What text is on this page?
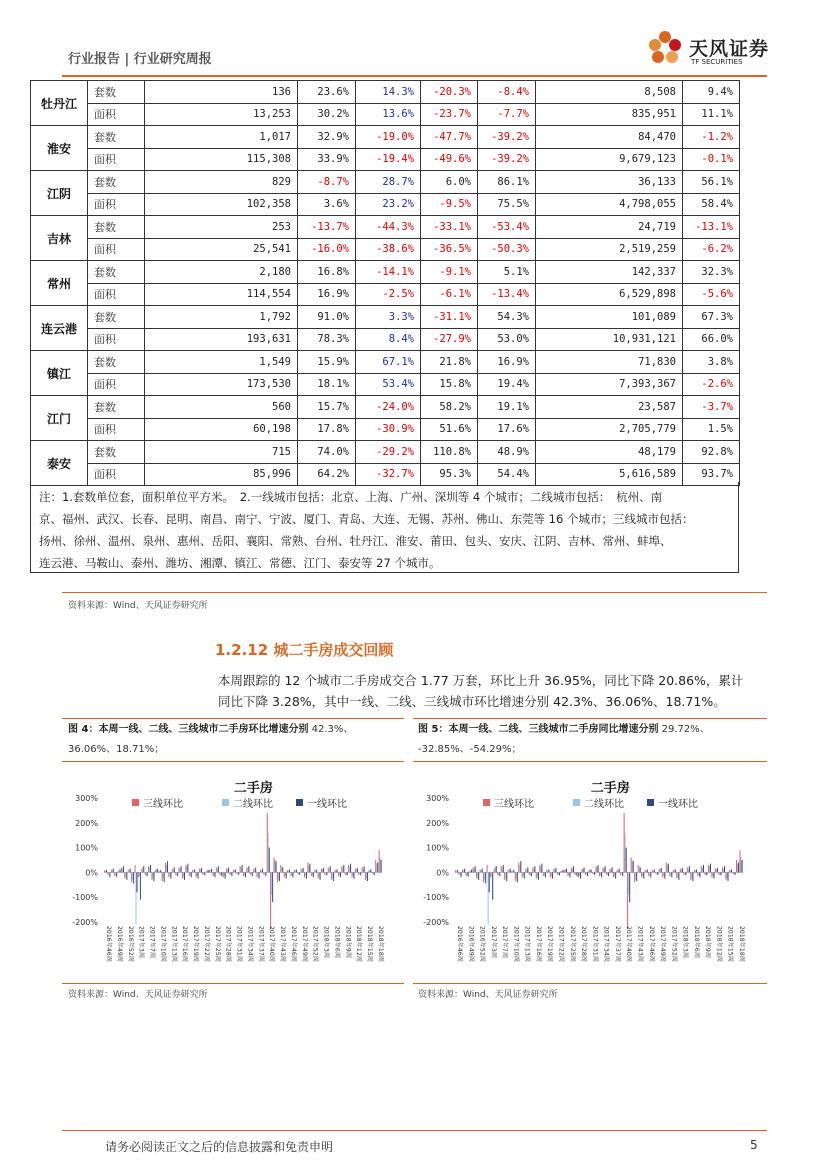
行业报告 | 行业研究周报	天风证券
TF SECURITIES
牡丹江	套数	136	23.6%	14.3%	-20.3%	-8.4%	8,508	9.4%
	面积	13,253	30.2%	13.6%	-23.7%	-7.7%	835,951	11.1%
淮安	套数	1,017	32.9%	-19.0%	-47.7%	-39.2%	84,470	-1.2%
	面积	115,308	33.9%	-19.4%	-49.6%	-39.2%	9,679,123	-0.1%
江阴	套数	829	-8.7%	28.7%	6.0%	86.1%	36,133	56.1%
	面积	102,358	3.6%	23.2%	-9.5%	75.5%	4,798,055	58.4%
吉林	套数	253	-13.7%	-44.3%	-33.1%	-53.4%	24,719	-13.1%
	面积	25,541	-16.0%	-38.6%	-36.5%	-50.3%	2,519,259	-6.2%
常州	套数	2,180	16.8%	-14.1%	-9.1%	5.1%	142,337	32.3%
	面积	114,554	16.9%	-2.5%	-6.1%	-13.4%	6,529,898	-5.6%
连云港	套数	1,792	91.0%	3.3%	-31.1%	54.3%	101,089	67.3%
	面积	193,631	78.3%	8.4%	-27.9%	53.0%	10,931,121	66.0%
镇江	套数	1,549	15.9%	67.1%	21.8%	16.9%	71,830	3.8%
	面积	173,530	18.1%	53.4%	15.8%	19.4%	7,393,367	-2.6%
江门	套数	560	15.7%	-24.0%	58.2%	19.1%	23,587	-3.7%
	面积	60,198	17.8%	-30.9%	51.6%	17.6%	2,705,779	1.5%
泰安	套数	715	74.0%	-29.2%	110.8%	48.9%	48,179	92.8%
	面积	85,996	64.2%	-32.7%	95.3%	54.4%	5,616,589	93.7%
注：1.套数单位套，面积单位平方米。　2.一线城市包括：北京、上海、广州、深圳等 4 个城市；二线城市包括：　杭州、南
京、福州、武汉、长春、昆明、南昌、南宁、宁波、厦门、青岛、大连、无锡、苏州、佛山、东莞等 16 个城市；三线城市包括：
扬州、徐州、温州、泉州、惠州、岳阳、襄阳、常熟、台州、牡丹江、淮安、莆田、包头、安庆、江阴、吉林、常州、蚌埠、
连云港、马鞍山、泰州、潍坊、湘潭、镇江、常德、江门、泰安等 27 个城市。
资料来源：Wind、天风证券研究所
1.2.12 城二手房成交回顾
本周跟踪的 12 个城市二手房成交合 1.77 万套，环比上升 36.95%，同比下降 20.86%，累计
同比下降 3.28%，其中一线、二线、三线城市环比增速分别 42.3%、36.06%、18.71%。
图 4：本周一线、二线、三线城市二手房环比增速分别 42.3%、
36.06%、18.71%；
图 5：本周一线、二线、三线城市二手房同比增速分别 29.72%、
-32.85%、-54.29%；
二手房
300%
200%
100%
0%
-100%
-200%
三线环比	二线环比	一线环比
2016年46周 2016年49周 2016年52周 2017年3周 2017年7周 2017年10周 2017年13周 2017年16周 2017年19周 2017年22周 2017年25周 2017年28周 2017年31周 2017年34周 2017年37周 2017年40周 2017年43周 2017年46周 2017年49周 2017年52周 2018年3周 2018年6周 2018年9周 2018年12周 2018年15周 2018年18周
二手房
300%
200%
100%
0%
-100%
-200%
三线环比	二线环比	一线环比
2016年46周 2016年49周 2016年52周 2017年3周 2017年7周 2017年10周 2017年13周 2017年16周 2017年19周 2017年22周 2017年25周 2017年28周 2017年31周 2017年34周 2017年37周 2017年40周 2017年43周 2017年46周 2017年49周 2017年52周 2018年3周 2018年6周 2018年9周 2018年12周 2018年15周 2018年18周
资料来源：Wind、天风证券研究所	资料来源：Wind、天风证券研究所
请务必阅读正文之后的信息披露和免责申明	5
